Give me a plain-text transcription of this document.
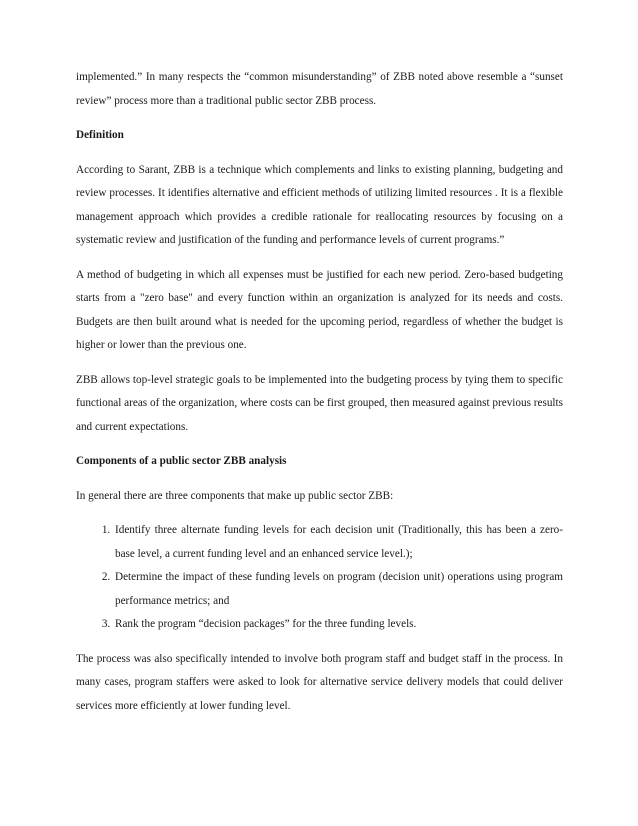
implemented.” In many respects the “common misunderstanding” of ZBB noted above resemble a “sunset review” process more than a traditional public sector ZBB process.

Definition

According to Sarant, ZBB is a technique which complements and links to existing planning, budgeting and review processes. It identifies alternative and efficient methods of utilizing limited resources . It is a flexible management approach which provides a credible rationale for reallocating resources by focusing on a systematic review and justification of the funding and performance levels of current programs.”

A method of budgeting in which all expenses must be justified for each new period. Zero-based budgeting starts from a "zero base" and every function within an organization is analyzed for its needs and costs. Budgets are then built around what is needed for the upcoming period, regardless of whether the budget is higher or lower than the previous one.

ZBB allows top-level strategic goals to be implemented into the budgeting process by tying them to specific functional areas of the organization, where costs can be first grouped, then measured against previous results and current expectations.

Components of a public sector ZBB analysis

In general there are three components that make up public sector ZBB:

1. Identify three alternate funding levels for each decision unit (Traditionally, this has been a zero-base level, a current funding level and an enhanced service level.);
2. Determine the impact of these funding levels on program (decision unit) operations using program performance metrics; and
3. Rank the program “decision packages” for the three funding levels.

The process was also specifically intended to involve both program staff and budget staff in the process. In many cases, program staffers were asked to look for alternative service delivery models that could deliver services more efficiently at lower funding level.
